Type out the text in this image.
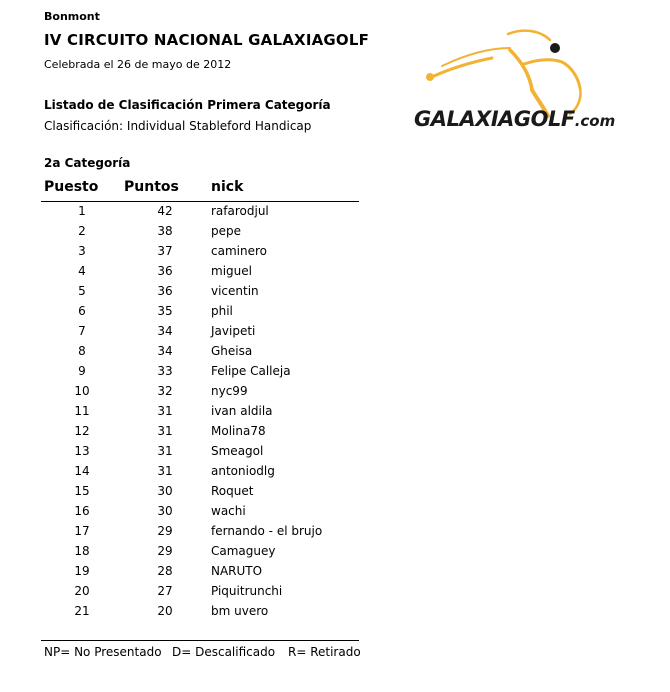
Bonmont
IV CIRCUITO NACIONAL GALAXIAGOLF
Celebrada el 26 de mayo de 2012
Listado de Clasificación Primera Categoría
Clasificación: Individual Stableford Handicap
2a Categoría
GALAXIAGOLF.com
Puesto Puntos nick
1	42	rafarodjul
2	38	pepe
3	37	caminero
4	36	miguel
5	36	vicentin
6	35	phil
7	34	Javipeti
8	34	Gheisa
9	33	Felipe Calleja
10	32	nyc99
11	31	ivan aldila
12	31	Molina78
13	31	Smeagol
14	31	antoniodlg
15	30	Roquet
16	30	wachi
17	29	fernando - el brujo
18	29	Camaguey
19	28	NARUTO
20	27	Piquitrunchi
21	20	bm uvero
NP= No Presentado D= Descalificado R= Retirado
